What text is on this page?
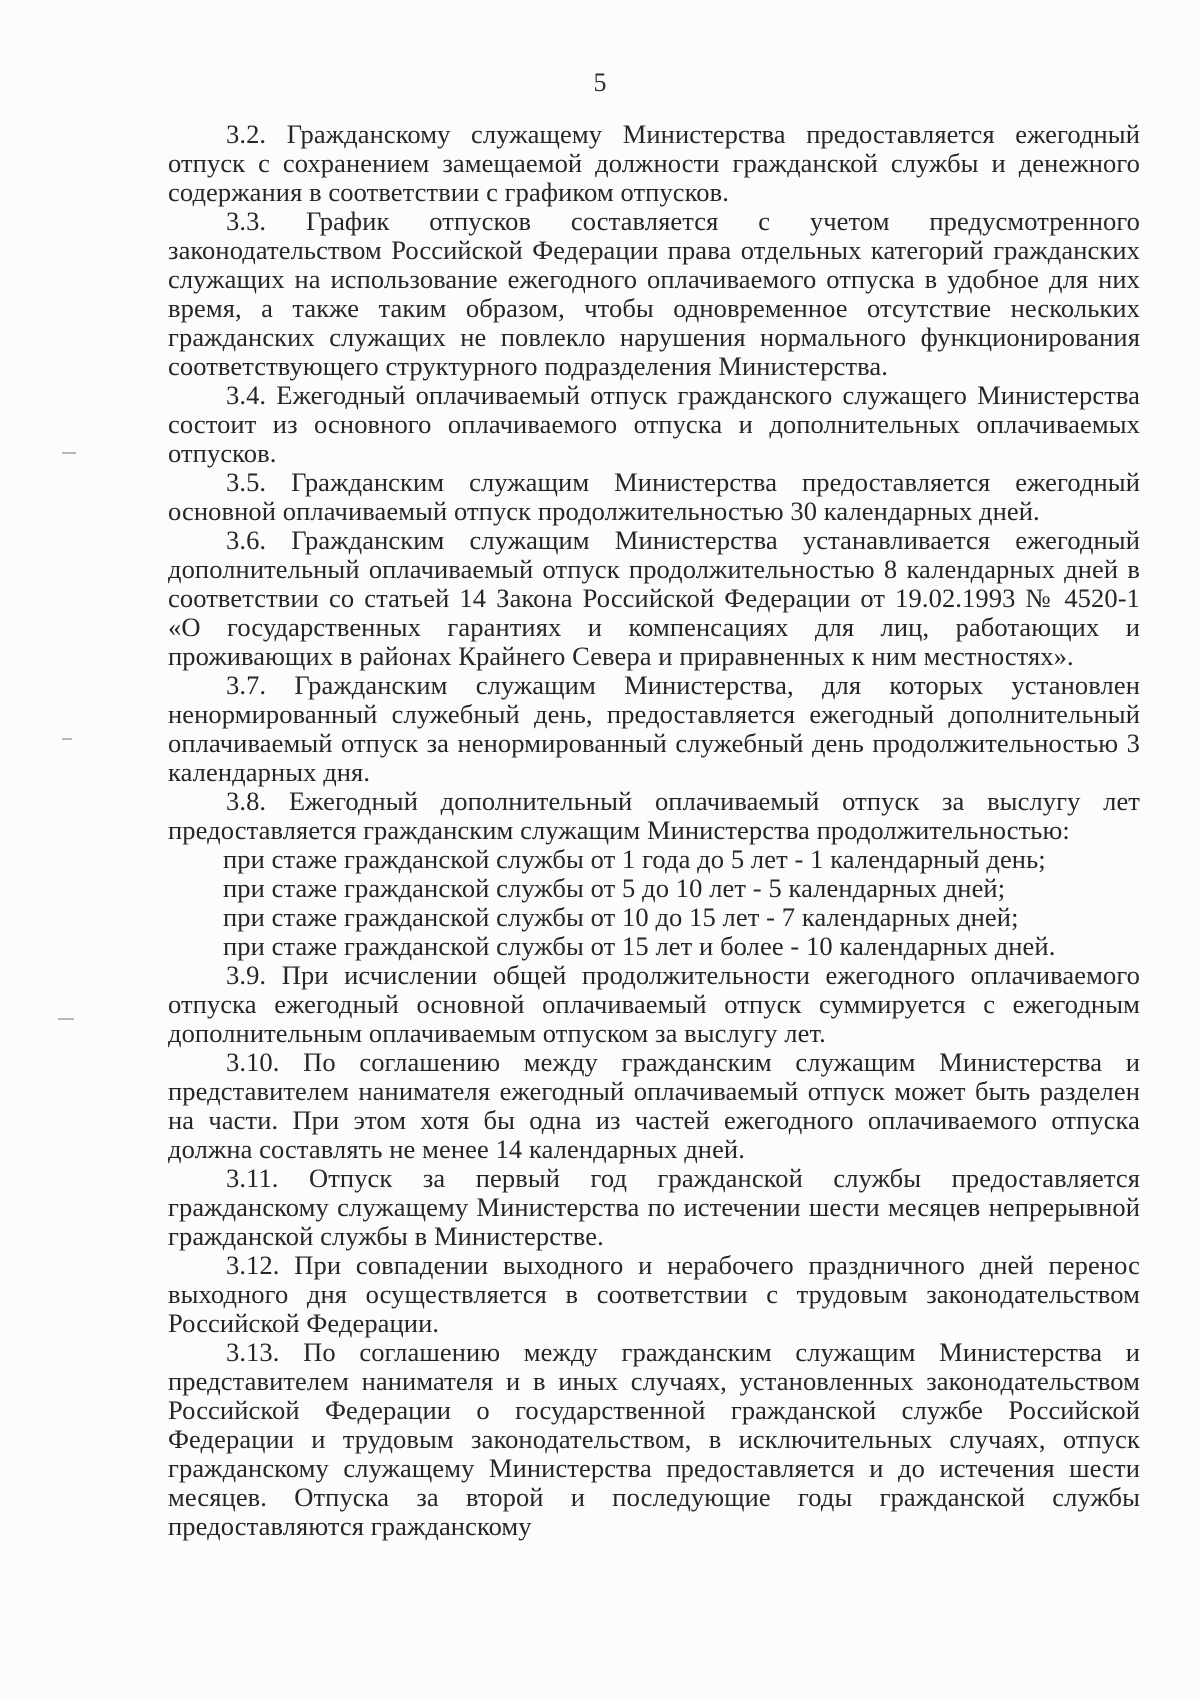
5

3.2. Гражданскому служащему Министерства предоставляется ежегодный отпуск с сохранением замещаемой должности гражданской службы и денежного содержания в соответствии с графиком отпусков.

3.3. График отпусков составляется с учетом предусмотренного законодательством Российской Федерации права отдельных категорий гражданских служащих на использование ежегодного оплачиваемого отпуска в удобное для них время, а также таким образом, чтобы одновременное отсутствие нескольких гражданских служащих не повлекло нарушения нормального функционирования соответствующего структурного подразделения Министерства.

3.4. Ежегодный оплачиваемый отпуск гражданского служащего Министерства состоит из основного оплачиваемого отпуска и дополнительных оплачиваемых отпусков.

3.5. Гражданским служащим Министерства предоставляется ежегодный основной оплачиваемый отпуск продолжительностью 30 календарных дней.

3.6. Гражданским служащим Министерства устанавливается ежегодный дополнительный оплачиваемый отпуск продолжительностью 8 календарных дней в соответствии со статьей 14 Закона Российской Федерации от 19.02.1993 № 4520-1 «О государственных гарантиях и компенсациях для лиц, работающих и проживающих в районах Крайнего Севера и приравненных к ним местностях».

3.7. Гражданским служащим Министерства, для которых установлен ненормированный служебный день, предоставляется ежегодный дополнительный оплачиваемый отпуск за ненормированный служебный день продолжительностью 3 календарных дня.

3.8. Ежегодный дополнительный оплачиваемый отпуск за выслугу лет предоставляется гражданским служащим Министерства продолжительностью:

при стаже гражданской службы от 1 года до 5 лет - 1 календарный день;

при стаже гражданской службы от 5 до 10 лет - 5 календарных дней;

при стаже гражданской службы от 10 до 15 лет - 7 календарных дней;

при стаже гражданской службы от 15 лет и более - 10 календарных дней.

3.9. При исчислении общей продолжительности ежегодного оплачиваемого отпуска ежегодный основной оплачиваемый отпуск суммируется с ежегодным дополнительным оплачиваемым отпуском за выслугу лет.

3.10. По соглашению между гражданским служащим Министерства и представителем нанимателя ежегодный оплачиваемый отпуск может быть разделен на части. При этом хотя бы одна из частей ежегодного оплачиваемого отпуска должна составлять не менее 14 календарных дней.

3.11. Отпуск за первый год гражданской службы предоставляется гражданскому служащему Министерства по истечении шести месяцев непрерывной гражданской службы в Министерстве.

3.12. При совпадении выходного и нерабочего праздничного дней перенос выходного дня осуществляется в соответствии с трудовым законодательством Российской Федерации.

3.13. По соглашению между гражданским служащим Министерства и представителем нанимателя и в иных случаях, установленных законодательством Российской Федерации о государственной гражданской службе Российской Федерации и трудовым законодательством, в исключительных случаях, отпуск гражданскому служащему Министерства предоставляется и до истечения шести месяцев. Отпуска за второй и последующие годы гражданской службы предоставляются гражданскому
